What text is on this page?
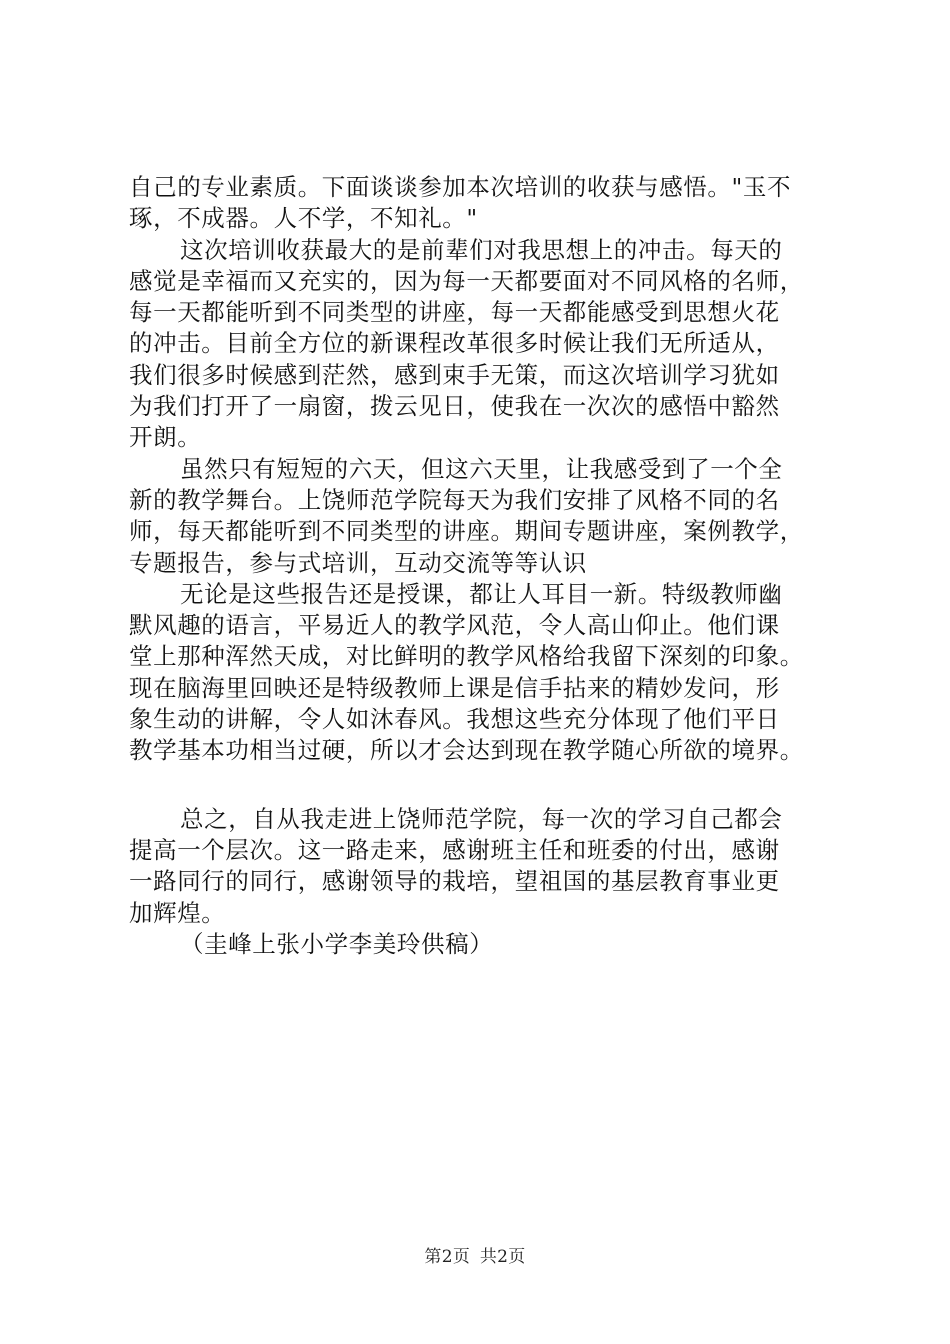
自己的专业素质。下面谈谈参加本次培训的收获与感悟。"玉不
琢，不成器。人不学，不知礼。"
这次培训收获最大的是前辈们对我思想上的冲击。每天的
感觉是幸福而又充实的，因为每一天都要面对不同风格的名师，
每一天都能听到不同类型的讲座，每一天都能感受到思想火花
的冲击。目前全方位的新课程改革很多时候让我们无所适从，
我们很多时候感到茫然，感到束手无策，而这次培训学习犹如
为我们打开了一扇窗，拨云见日，使我在一次次的感悟中豁然
开朗。
虽然只有短短的六天，但这六天里，让我感受到了一个全
新的教学舞台。上饶师范学院每天为我们安排了风格不同的名
师，每天都能听到不同类型的讲座。期间专题讲座，案例教学，
专题报告，参与式培训，互动交流等等认识
无论是这些报告还是授课，都让人耳目一新。特级教师幽
默风趣的语言，平易近人的教学风范，令人高山仰止。他们课
堂上那种浑然天成，对比鲜明的教学风格给我留下深刻的印象。
现在脑海里回映还是特级教师上课是信手拈来的精妙发问，形
象生动的讲解，令人如沐春风。我想这些充分体现了他们平日
教学基本功相当过硬，所以才会达到现在教学随心所欲的境界。
总之，自从我走进上饶师范学院，每一次的学习自己都会
提高一个层次。这一路走来，感谢班主任和班委的付出，感谢
一路同行的同行，感谢领导的栽培，望祖国的基层教育事业更
加辉煌。
（圭峰上张小学李美玲供稿）
第2页 共2页
